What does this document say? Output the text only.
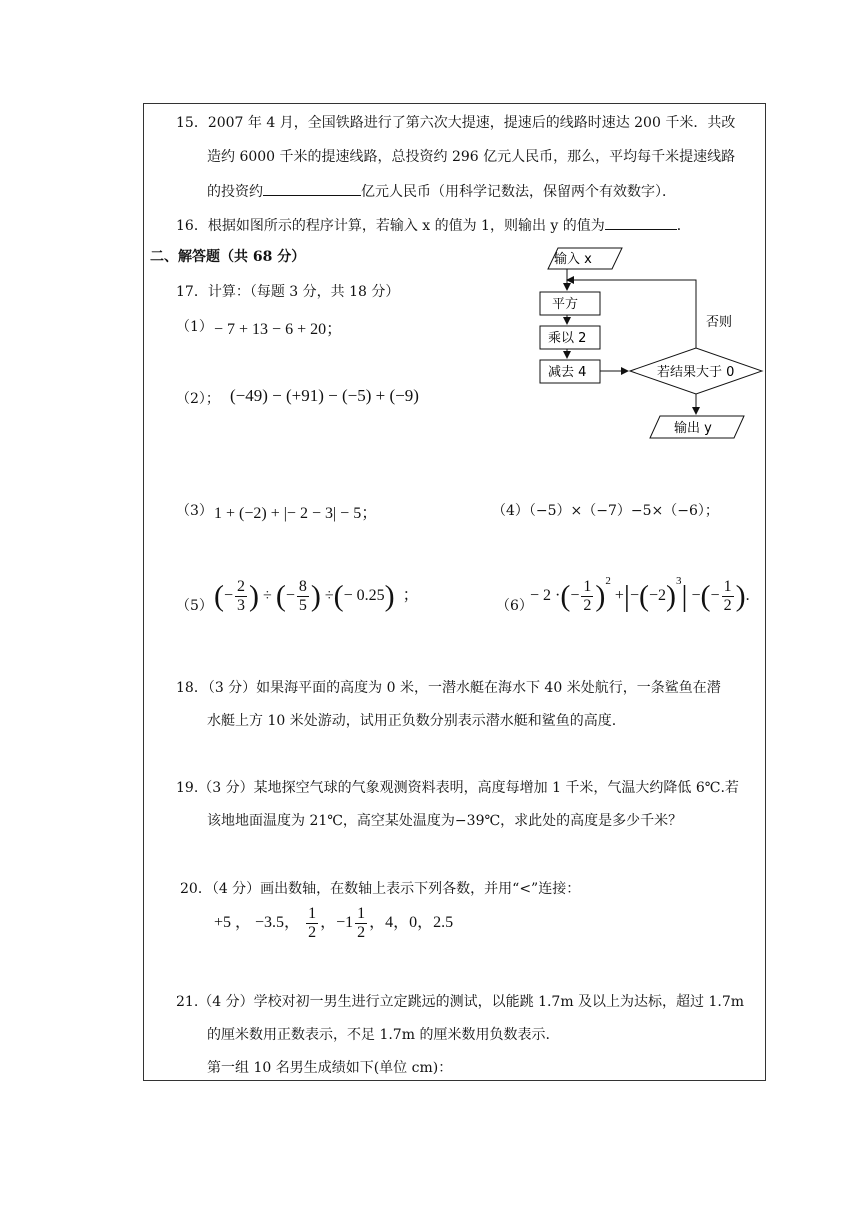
15．2007 年 4 月，全国铁路进行了第六次大提速，提速后的线路时速达 200 千米．共改
造约 6000 千米的提速线路，总投资约 296 亿元人民币，那么，平均每千米提速线路
的投资约	亿元人民币（用科学记数法，保留两个有效数字）．
16．根据如图所示的程序计算，若输入 x 的值为 1，则输出 y 的值为	．
二、解答题（共 68 分）
17．计算：（每题 3 分，共 18 分）
（1） − 7 + 13 − 6 + 20；
（2）； (−49) − (+91) − (−5) + (−9)
（3） 1 + (−2) + |− 2 − 3| − 5；	（4）（−5）×（−7）−5×（−6）；
（5） (− $\frac{2}{3}$ ) ÷ (− $\frac{8}{5}$ ) ÷(− 0.25)  ；
（6）
− 2 ·(− $\frac{1}{2} )^2 +|-(-2)^3|$ −(− $\frac{1}{2}$ ).
18．（3 分）如果海平面的高度为 0 米，一潜水艇在海水下 40 米处航行，一条鲨鱼在潜
水艇上方 10 米处游动，试用正负数分别表示潜水艇和鲨鱼的高度.
19.（3 分）某地探空气球的气象观测资料表明，高度每增加 1 千米，气温大约降低 6℃.若
该地地面温度为 21℃，高空某处温度为−39℃，求此处的高度是多少千米？
20．（4 分）画出数轴，在数轴上表示下列各数，并用“<”连接：
+5 ， −3.5， $\frac{1}{2}$ ，$-1 \frac{1}{2}$ ，4，0，2.5
21.（4 分）学校对初一男生进行立定跳远的测试，以能跳 1.7m 及以上为达标，超过 1.7m
的厘米数用正数表示，不足 1.7m 的厘米数用负数表示.
第一组 10 名男生成绩如下(单位 cm)：
输入 x
平方
乘以 2
减去 4	若结果大于 0
否则
输出 y
